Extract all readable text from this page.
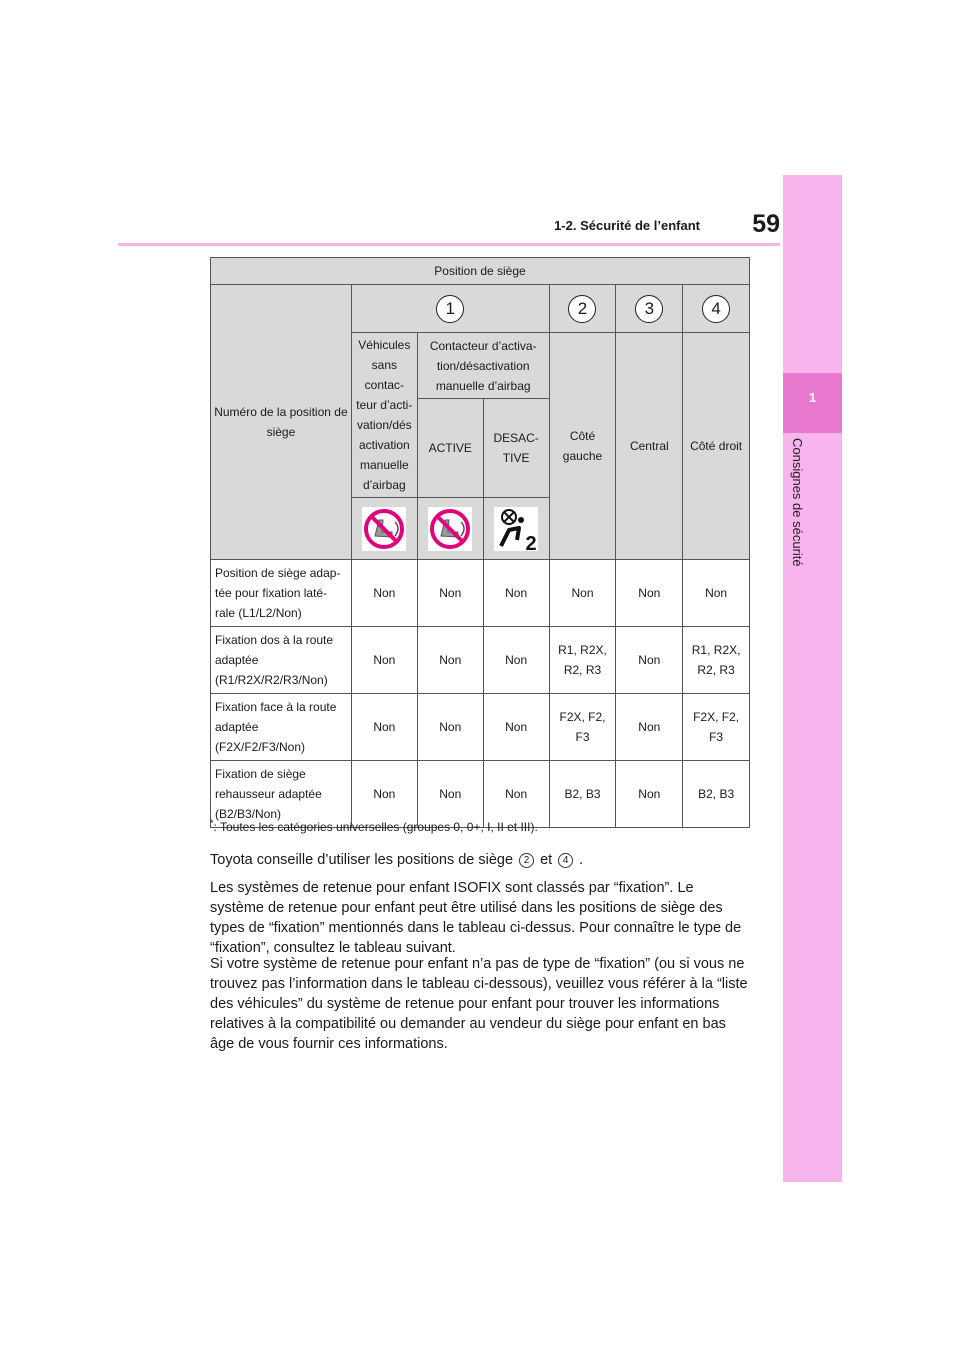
1
Consignes de sécurité
59
1-2. Sécurité de l’enfant
Position de siège						
Numéro de la position de siège	1			2	3	4
	Véhicules sans contac- teur d’acti- vation/dés activation manuelle d’airbag	Contacteur d’activa- tion/désactivation manuelle d’airbag		Côté gauche	Central	Côté droit
		ACTIVE	DESAC- TIVE			

2			

Position de siège adap- tée pour fixation laté- rale (L1/L2/Non)	Non	Non	Non	Non	Non	Non
Fixation dos à la route adaptée (R1/R2X/R2/R3/Non)	Non	Non	Non	R1, R2X, R2, R3	Non	R1, R2X, R2, R3
Fixation face à la route adaptée (F2X/F2/F3/Non)	Non	Non	Non	F2X, F2, F3	Non	F2X, F2, F3
Fixation de siège rehausseur adaptée (B2/B3/Non)	Non	Non	Non	B2, B3	Non	B2, B3
*: Toutes les catégories universelles (groupes 0, 0+, I, II et III).
Toyota conseille d’utiliser les positions de siège 2 et 4 .
Les systèmes de retenue pour enfant ISOFIX sont classés par “fixation”. Le système de retenue pour enfant peut être utilisé dans les positions de siège des types de “fixation” mentionnés dans le tableau ci-dessus. Pour connaître le type de “fixation”, consultez le tableau suivant.
Si votre système de retenue pour enfant n’a pas de type de “fixation” (ou si vous ne trouvez pas l’information dans le tableau ci-dessous), veuillez vous référer à la “liste des véhicules” du système de retenue pour enfant pour trouver les informations relatives à la compatibilité ou demander au vendeur du siège pour enfant en bas âge de vous fournir ces informations.
